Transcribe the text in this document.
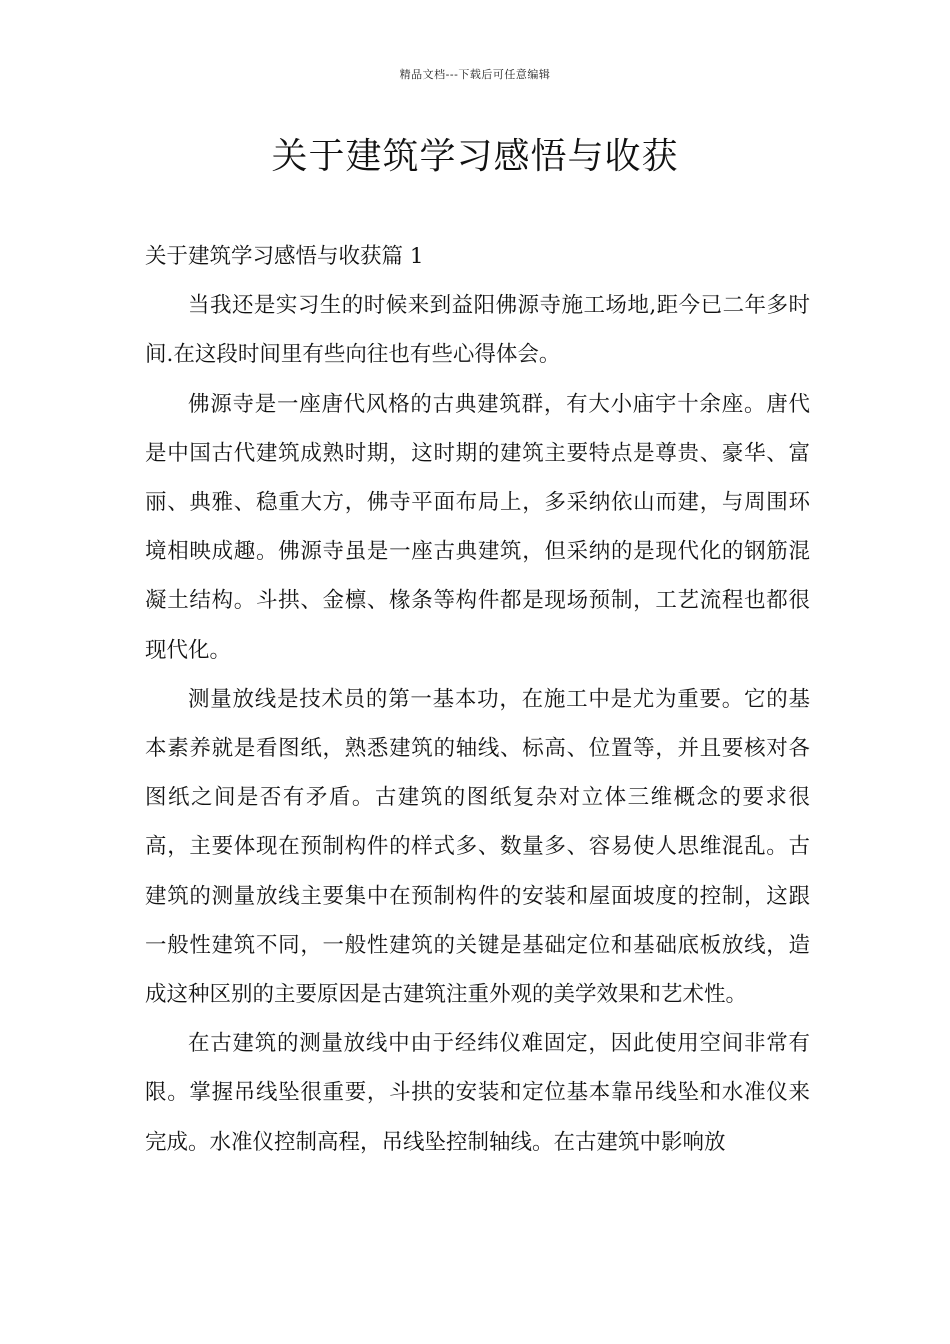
精品文档---下载后可任意编辑
关于建筑学习感悟与收获

关于建筑学习感悟与收获篇 1

当我还是实习生的时候来到益阳佛源寺施工场地,距今已二年多时间.在这段时间里有些向往也有些心得体会。

佛源寺是一座唐代风格的古典建筑群，有大小庙宇十余座。唐代是中国古代建筑成熟时期，这时期的建筑主要特点是尊贵、豪华、富丽、典雅、稳重大方，佛寺平面布局上，多采纳依山而建，与周围环境相映成趣。佛源寺虽是一座古典建筑，但采纳的是现代化的钢筋混凝土结构。斗拱、金檩、椽条等构件都是现场预制，工艺流程也都很现代化。

测量放线是技术员的第一基本功，在施工中是尤为重要。它的基本素养就是看图纸，熟悉建筑的轴线、标高、位置等，并且要核对各图纸之间是否有矛盾。古建筑的图纸复杂对立体三维概念的要求很高，主要体现在预制构件的样式多、数量多、容易使人思维混乱。古建筑的测量放线主要集中在预制构件的安装和屋面坡度的控制，这跟一般性建筑不同，一般性建筑的关键是基础定位和基础底板放线，造成这种区别的主要原因是古建筑注重外观的美学效果和艺术性。

在古建筑的测量放线中由于经纬仪难固定，因此使用空间非常有限。掌握吊线坠很重要，斗拱的安装和定位基本靠吊线坠和水准仪来完成。水准仪控制高程，吊线坠控制轴线。在古建筑中影响放
